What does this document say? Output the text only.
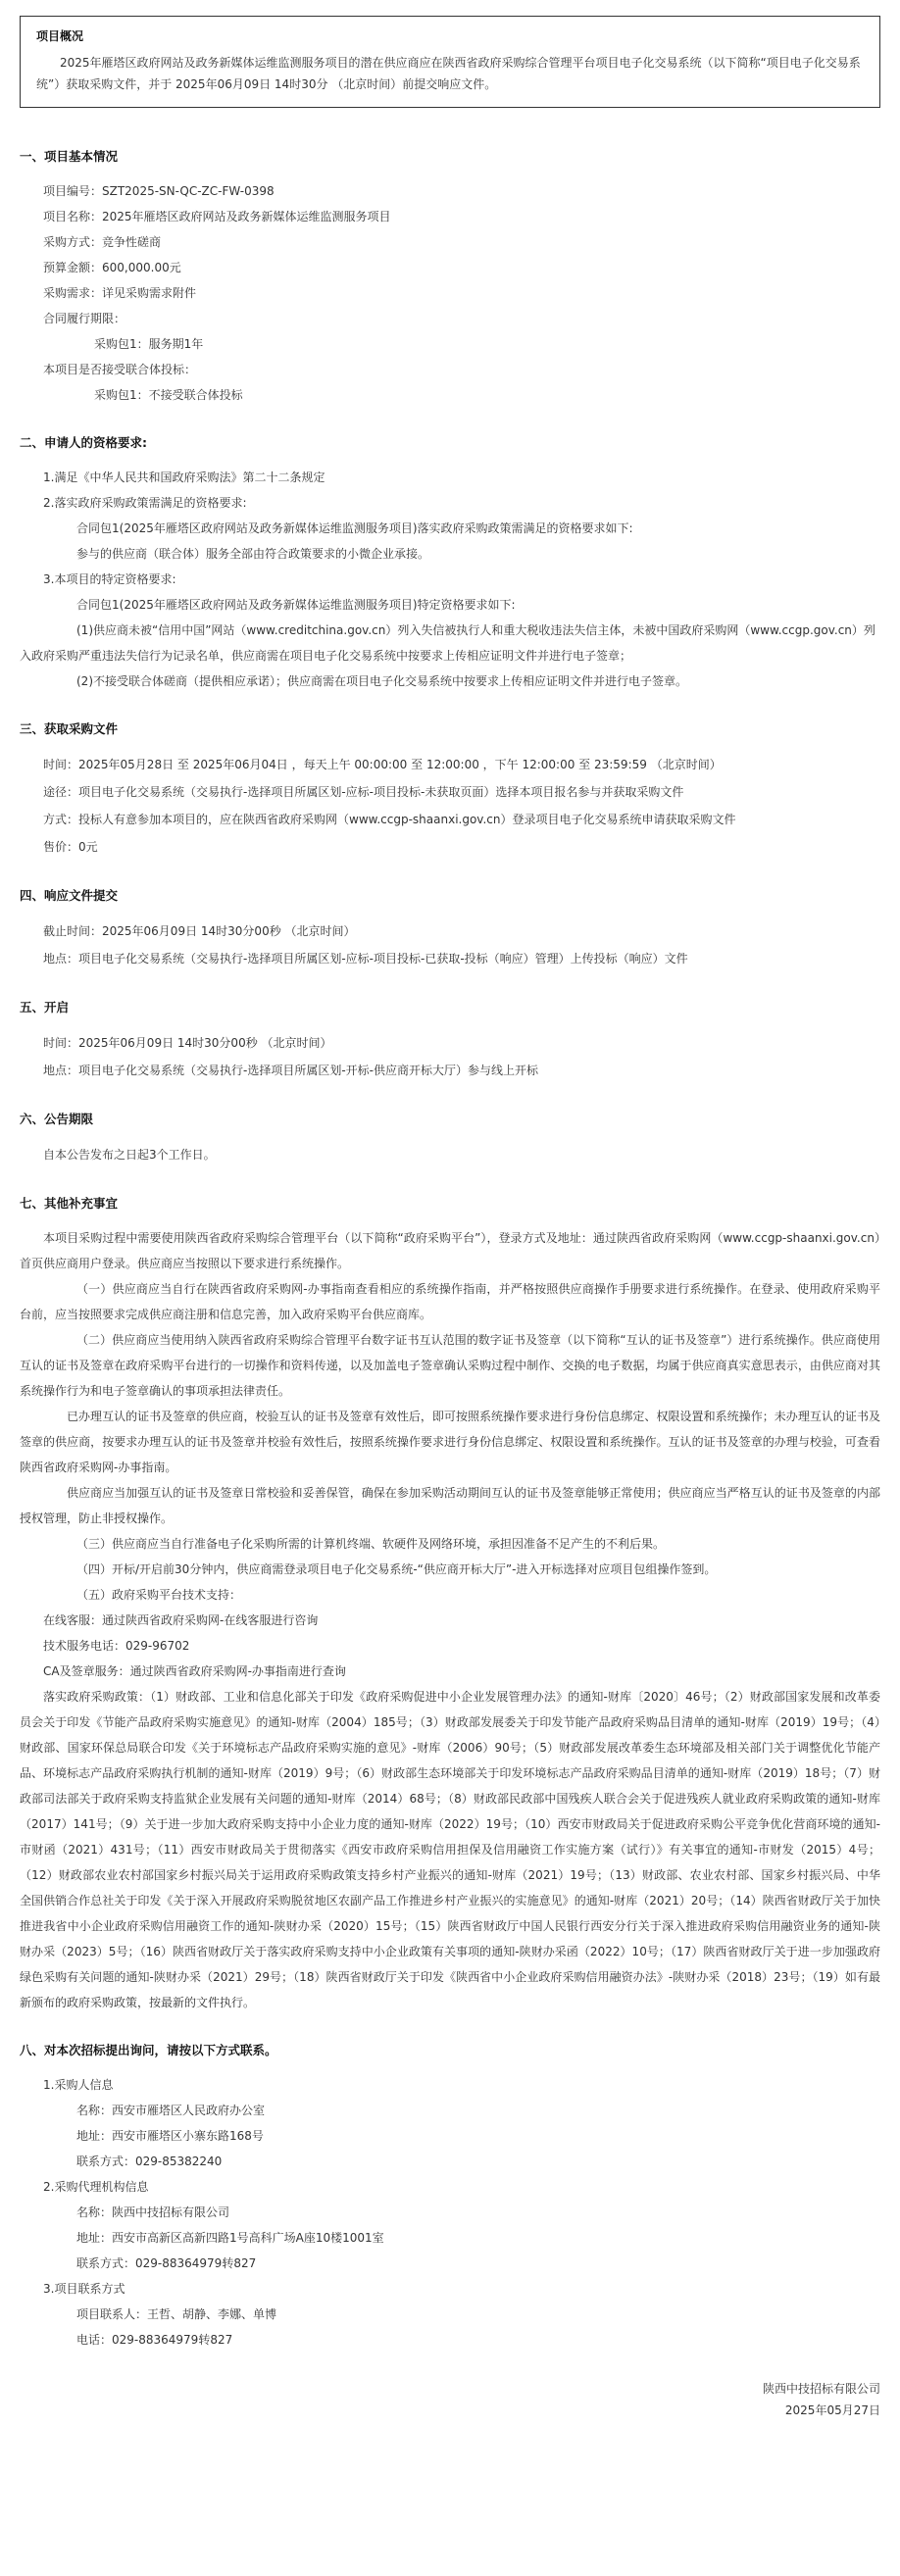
项目概况
2025年雁塔区政府网站及政务新媒体运维监测服务项目的潜在供应商应在陕西省政府采购综合管理平台项目电子化交易系统（以下简称“项目电子化交易系统”）获取采购文件，并于 2025年06月09日 14时30分 （北京时间）前提交响应文件。
一、项目基本情况
项目编号：SZT2025-SN-QC-ZC-FW-0398
项目名称：2025年雁塔区政府网站及政务新媒体运维监测服务项目
采购方式：竞争性磋商
预算金额：600,000.00元
采购需求：详见采购需求附件
合同履行期限：
采购包1：服务期1年
本项目是否接受联合体投标：
采购包1：不接受联合体投标
二、申请人的资格要求:
1.满足《中华人民共和国政府采购法》第二十二条规定
2.落实政府采购政策需满足的资格要求:
合同包1(2025年雁塔区政府网站及政务新媒体运维监测服务项目)落实政府采购政策需满足的资格要求如下:
参与的供应商（联合体）服务全部由符合政策要求的小微企业承接。
3.本项目的特定资格要求:
合同包1(2025年雁塔区政府网站及政务新媒体运维监测服务项目)特定资格要求如下:
(1)供应商未被“信用中国”网站（www.creditchina.gov.cn）列入失信被执行人和重大税收违法失信主体，未被中国政府采购网（www.ccgp.gov.cn）列入政府采购严重违法失信行为记录名单，供应商需在项目电子化交易系统中按要求上传相应证明文件并进行电子签章；
(2)不接受联合体磋商（提供相应承诺）；供应商需在项目电子化交易系统中按要求上传相应证明文件并进行电子签章。
三、获取采购文件
时间：2025年05月28日 至 2025年06月04日 ，每天上午 00:00:00 至 12:00:00 ，下午 12:00:00 至 23:59:59 （北京时间）
途径：项目电子化交易系统（交易执行-选择项目所属区划-应标-项目投标-未获取页面）选择本项目报名参与并获取采购文件
方式：投标人有意参加本项目的，应在陕西省政府采购网（www.ccgp-shaanxi.gov.cn）登录项目电子化交易系统申请获取采购文件
售价：0元
四、响应文件提交
截止时间：2025年06月09日 14时30分00秒 （北京时间）
地点：项目电子化交易系统（交易执行-选择项目所属区划-应标-项目投标-已获取-投标（响应）管理）上传投标（响应）文件
五、开启
时间：2025年06月09日 14时30分00秒 （北京时间）
地点：项目电子化交易系统（交易执行-选择项目所属区划-开标-供应商开标大厅）参与线上开标
六、公告期限
自本公告发布之日起3个工作日。
七、其他补充事宜
本项目采购过程中需要使用陕西省政府采购综合管理平台（以下简称“政府采购平台”），登录方式及地址：通过陕西省政府采购网（www.ccgp-shaanxi.gov.cn）首页供应商用户登录。供应商应当按照以下要求进行系统操作。
（一）供应商应当自行在陕西省政府采购网-办事指南查看相应的系统操作指南，并严格按照供应商操作手册要求进行系统操作。在登录、使用政府采购平台前，应当按照要求完成供应商注册和信息完善，加入政府采购平台供应商库。
（二）供应商应当使用纳入陕西省政府采购综合管理平台数字证书互认范围的数字证书及签章（以下简称“互认的证书及签章”）进行系统操作。供应商使用互认的证书及签章在政府采购平台进行的一切操作和资料传递，以及加盖电子签章确认采购过程中制作、交换的电子数据，均属于供应商真实意思表示，由供应商对其系统操作行为和电子签章确认的事项承担法律责任。
已办理互认的证书及签章的供应商，校验互认的证书及签章有效性后，即可按照系统操作要求进行身份信息绑定、权限设置和系统操作；未办理互认的证书及签章的供应商，按要求办理互认的证书及签章并校验有效性后，按照系统操作要求进行身份信息绑定、权限设置和系统操作。互认的证书及签章的办理与校验，可查看陕西省政府采购网-办事指南。
供应商应当加强互认的证书及签章日常校验和妥善保管，确保在参加采购活动期间互认的证书及签章能够正常使用；供应商应当严格互认的证书及签章的内部授权管理，防止非授权操作。
（三）供应商应当自行准备电子化采购所需的计算机终端、软硬件及网络环境，承担因准备不足产生的不利后果。
（四）开标/开启前30分钟内，供应商需登录项目电子化交易系统-“供应商开标大厅”-进入开标选择对应项目包组操作签到。
（五）政府采购平台技术支持：
在线客服：通过陕西省政府采购网-在线客服进行咨询
技术服务电话：029-96702
CA及签章服务：通过陕西省政府采购网-办事指南进行查询
落实政府采购政策：（1）财政部、工业和信息化部关于印发《政府采购促进中小企业发展管理办法》的通知-财库〔2020〕46号；（2）财政部国家发展和改革委员会关于印发《节能产品政府采购实施意见》的通知-财库（2004）185号；（3）财政部发展委关于印发节能产品政府采购品目清单的通知-财库（2019）19号；（4）财政部、国家环保总局联合印发《关于环境标志产品政府采购实施的意见》-财库（2006）90号；（5）财政部发展改革委生态环境部及相关部门关于调整优化节能产品、环境标志产品政府采购执行机制的通知-财库（2019）9号；（6）财政部生态环境部关于印发环境标志产品政府采购品目清单的通知-财库（2019）18号；（7）财政部司法部关于政府采购支持监狱企业发展有关问题的通知-财库（2014）68号；（8）财政部民政部中国残疾人联合会关于促进残疾人就业政府采购政策的通知-财库（2017）141号；（9）关于进一步加大政府采购支持中小企业力度的通知-财库（2022）19号；（10）西安市财政局关于促进政府采购公平竞争优化营商环境的通知-市财函（2021）431号；（11）西安市财政局关于贯彻落实《西安市政府采购信用担保及信用融资工作实施方案（试行）》有关事宜的通知-市财发（2015）4号；（12）财政部农业农村部国家乡村振兴局关于运用政府采购政策支持乡村产业振兴的通知-财库（2021）19号；（13）财政部、农业农村部、国家乡村振兴局、中华全国供销合作总社关于印发《关于深入开展政府采购脱贫地区农副产品工作推进乡村产业振兴的实施意见》的通知-财库（2021）20号；（14）陕西省财政厅关于加快推进我省中小企业政府采购信用融资工作的通知-陕财办采（2020）15号；（15）陕西省财政厅中国人民银行西安分行关于深入推进政府采购信用融资业务的通知-陕财办采（2023）5号；（16）陕西省财政厅关于落实政府采购支持中小企业政策有关事项的通知-陕财办采函（2022）10号；（17）陕西省财政厅关于进一步加强政府绿色采购有关问题的通知-陕财办采（2021）29号；（18）陕西省财政厅关于印发《陕西省中小企业政府采购信用融资办法》-陕财办采（2018）23号；（19）如有最新颁布的政府采购政策，按最新的文件执行。
八、对本次招标提出询问，请按以下方式联系。
1.采购人信息
名称：西安市雁塔区人民政府办公室
地址：西安市雁塔区小寨东路168号
联系方式：029-85382240
2.采购代理机构信息
名称：陕西中技招标有限公司
地址：西安市高新区高新四路1号高科广场A座10楼1001室
联系方式：029-88364979转827
3.项目联系方式
项目联系人：王哲、胡静、李娜、单博
电话：029-88364979转827
陕西中技招标有限公司
2025年05月27日
